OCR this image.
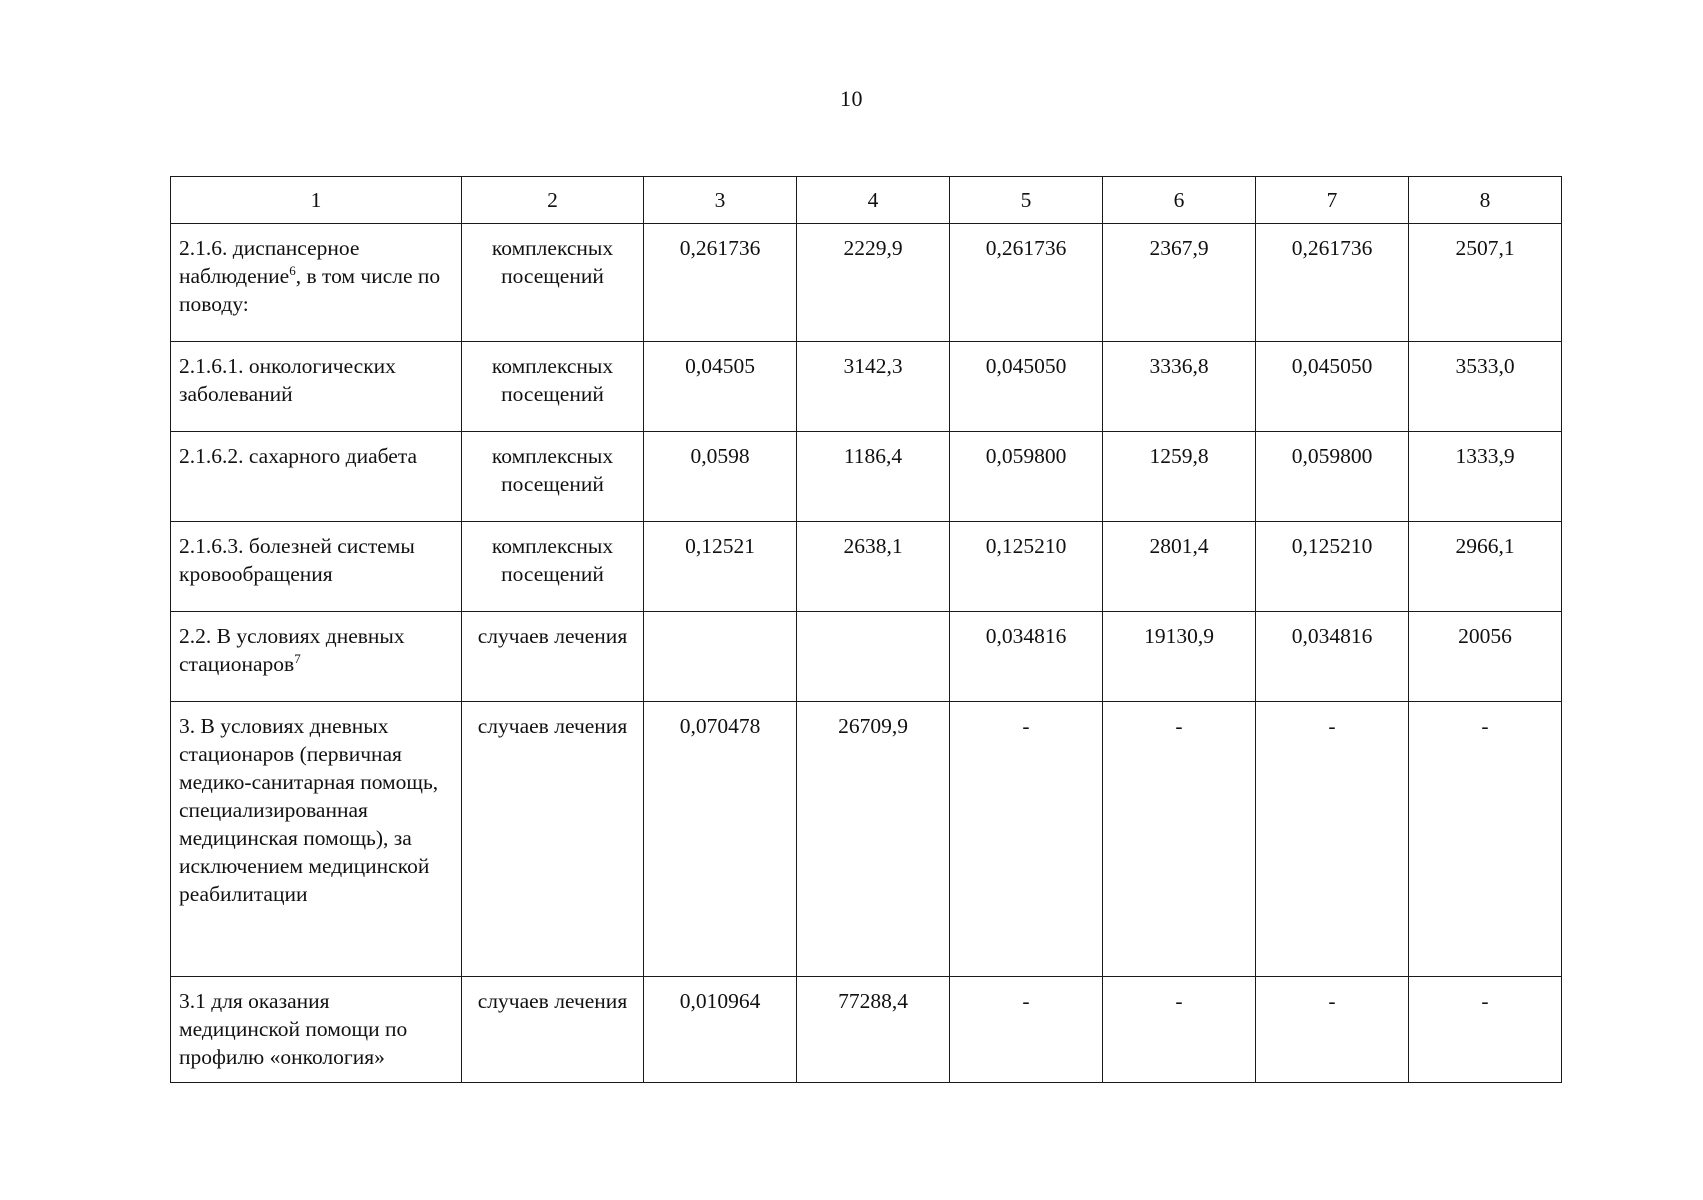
10
1	2	3	4	5	6	7	8
2.1.6. диспансерное наблюдение$^6$, в том числе по поводу:	комплексных посещений	0,261736	2229,9	0,261736	2367,9	0,261736	2507,1
2.1.6.1. онкологических заболеваний	комплексных посещений	0,04505	3142,3	0,045050	3336,8	0,045050	3533,0
2.1.6.2. сахарного диабета	комплексных посещений	0,0598	1186,4	0,059800	1259,8	0,059800	1333,9
2.1.6.3. болезней системы кровообращения	комплексных посещений	0,12521	2638,1	0,125210	2801,4	0,125210	2966,1
2.2. В условиях дневных стационаров$^7$	случаев лечения			0,034816	19130,9	0,034816	20056
3. В условиях дневных стационаров (первичная медико-санитарная помощь, специализированная медицинская помощь), за исключением медицинской реабилитации	случаев лечения	0,070478	26709,9	-	-	-	-
3.1 для оказания медицинской помощи по профилю «онкология»	случаев лечения	0,010964	77288,4	-	-	-	-
